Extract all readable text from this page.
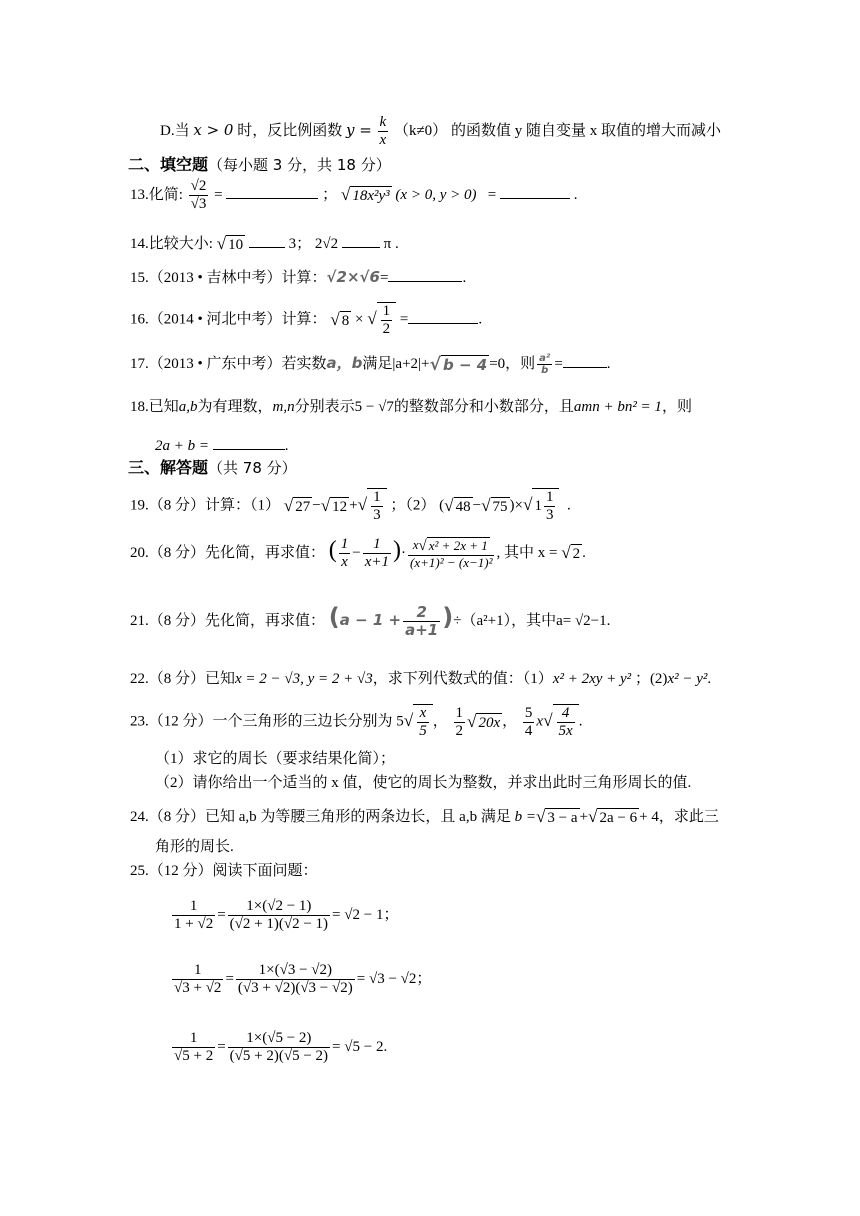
D.当 x > 0 时，反比例函数 $y = \frac{k}{x} (k\ne 0)$ 的函数值 y 随自变量 x 取值的增大而减小
二、填空题（每小题 3 分，共 18 分）
13.化简: $\frac{√2}{√3}$ =	； √ 18x²y³ (x > 0, y > 0) =	.
14.比较大小: √ 10	3； 2√2	π .
15.（2013 • 吉林中考）计算：√2×√6=	.
16.（2014 • 河北中考）计算： √ 8 × √ $\frac{1}{2}$ =	.
17.（2013 • 广东中考）若实数a，b满足|a+2|+√ b − 4 =0，则 $\frac{\text{a²}}{b}$ =	.
18.已知a,b为有理数，m,n分别表示5 − √7的整数部分和小数部分，且amn + bn² = 1，则
2a + b =	.
三、解答题（共 78 分）
19.（8 分）计算：（1） √ 27 −√ 12 +√ $\frac{1}{3}$ ；（2） (√ 48 −√ 75 )×√ $1 \frac{1}{3}$ .
20.（8 分）先化简，再求值： ( $\frac{1}{x} - \frac{1}{x+1}$ )· $\frac{\text{x√ x² + 2x + 1}}{\text{(x+1)² − (x−1)²}}$ , 其中 x = √ 2 .
21.（8 分）先化简，再求值： $(a - 1 + \frac{2}{a+1} )\div(a^2+1)$，其中a= √2−1.
22.（8 分）已知x = 2 − √3, y = 2 + √3，求下列代数式的值：（1）x² + 2xy + y² ；(2)x² − y².
23.（12 分）一个三角形的三边长分别为 $5√ \frac{x}{5}$ ， $\frac{1}{2}$ √ 20x ， $\frac{5}{4} x√ \frac{4}{5x}$ .
（1）求它的周长（要求结果化简）；
（2）请你给出一个适当的 x 值，使它的周长为整数，并求出此时三角形周长的值.
24.（8 分）已知 a,b 为等腰三角形的两条边长，且 a,b 满足 b =√ 3 − a +√ 2a − 6 + 4，求此三
角形的周长.
25.（12 分）阅读下面问题：
$\frac{1}{1 + √2} = \frac{1\times(√2 - 1)}{(√2 + 1)(√2 - 1)} = √2 - 1$；
$\frac{1}{√3 + √2} = \frac{1\times(√3 - √2)}{(√3 + √2)(√3 - √2)} = √3 - √2$；
$\frac{1}{√5 + 2} = \frac{1\times(√5 - 2)}{(√5 + 2)(√5 - 2)} = √5 - 2$.
